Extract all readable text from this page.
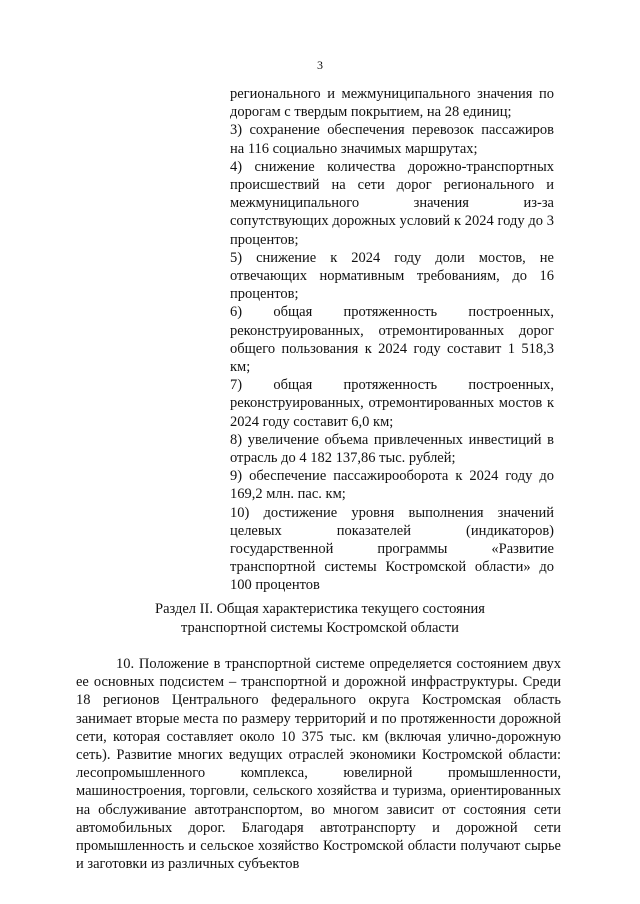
3
регионального и межмуниципального значения по дорогам с твердым покрытием, на 28 единиц;
3) сохранение обеспечения перевозок пассажиров на 116 социально значимых маршрутах;
4) снижение количества дорожно-транспортных происшествий на сети дорог регионального и межмуниципального значения из-за сопутствующих дорожных условий к 2024 году до 3 процентов;
5) снижение к 2024 году доли мостов, не отвечающих нормативным требованиям, до 16 процентов;
6) общая протяженность построенных, реконструированных, отремонтированных дорог общего пользования к 2024 году составит 1 518,3 км;
7) общая протяженность построенных, реконструированных, отремонтированных мостов к 2024 году составит 6,0 км;
8) увеличение объема привлеченных инвестиций в отрасль до 4 182 137,86 тыс. рублей;
9) обеспечение пассажирооборота к 2024 году до 169,2 млн. пас. км;
10) достижение уровня выполнения значений целевых показателей (индикаторов) государственной программы «Развитие транспортной системы Костромской области» до 100 процентов
Раздел II. Общая характеристика текущего состояния
транспортной системы Костромской области

10. Положение в транспортной системе определяется состоянием двух ее основных подсистем – транспортной и дорожной инфраструктуры. Среди 18 регионов Центрального федерального округа Костромская область занимает вторые места по размеру территорий и по протяженности дорожной сети, которая составляет около 10 375 тыс. км (включая улично-дорожную сеть). Развитие многих ведущих отраслей экономики Костромской области: лесопромышленного комплекса, ювелирной промышленности, машиностроения, торговли, сельского хозяйства и туризма, ориентированных на обслуживание автотранспортом, во многом зависит от состояния сети автомобильных дорог. Благодаря автотранспорту и дорожной сети промышленность и сельское хозяйство Костромской области получают сырье и заготовки из различных субъектов
